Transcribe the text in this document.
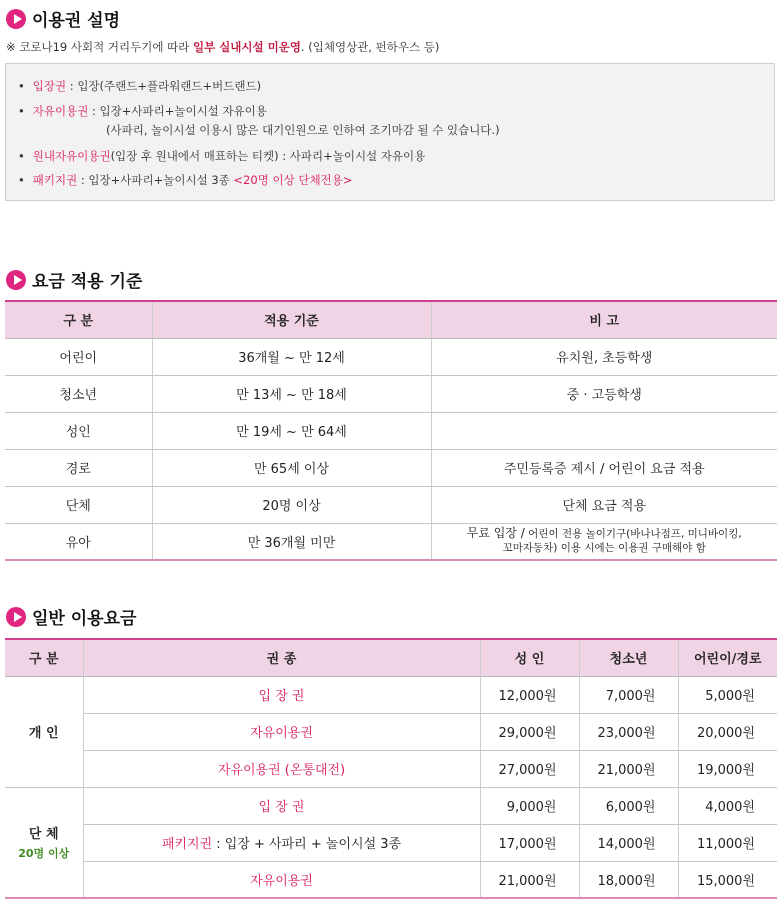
이용권 설명
※ 코로나19 사회적 거리두기에 따라 일부 실내시설 미운영. (입체영상관, 펀하우스 등)
• 입장권 : 입장(주랜드+플라워랜드+버드랜드)
• 자유이용권 : 입장+사파리+놀이시설 자유이용
(사파리, 놀이시설 이용시 많은 대기인원으로 인하여 조기마감 될 수 있습니다.)
• 원내자유이용권(입장 후 원내에서 매표하는 티켓) : 사파리+놀이시설 자유이용
• 패키지권 : 입장+사파리+놀이시설 3종 <20명 이상 단체전용>
요금 적용 기준
구 분	적용 기준	비 고
어린이	36개월 ~ 만 12세	유치원, 초등학생
청소년	만 13세 ~ 만 18세	중 · 고등학생
성인	만 19세 ~ 만 64세	
경로	만 65세 이상	주민등록증 제시 / 어린이 요금 적용
단체	20명 이상	단체 요금 적용
유아	만 36개월 미만	무료 입장 / 어린이 전용 놀이기구(바나나점프, 미니바이킹,
꼬마자동차) 이용 시에는 이용권 구매해야 함
일반 이용요금
구 분	권 종	성 인	청소년	어린이/경로
개 인	입 장 권	12,000원	7,000원	5,000원
	자유이용권	29,000원	23,000원	20,000원
	자유이용권 (온통대전)	27,000원	21,000원	19,000원
단 체
20명 이상	입 장 권	9,000원	6,000원	4,000원
	패키지권 : 입장 + 사파리 + 놀이시설 3종	17,000원	14,000원	11,000원
	자유이용권	21,000원	18,000원	15,000원
